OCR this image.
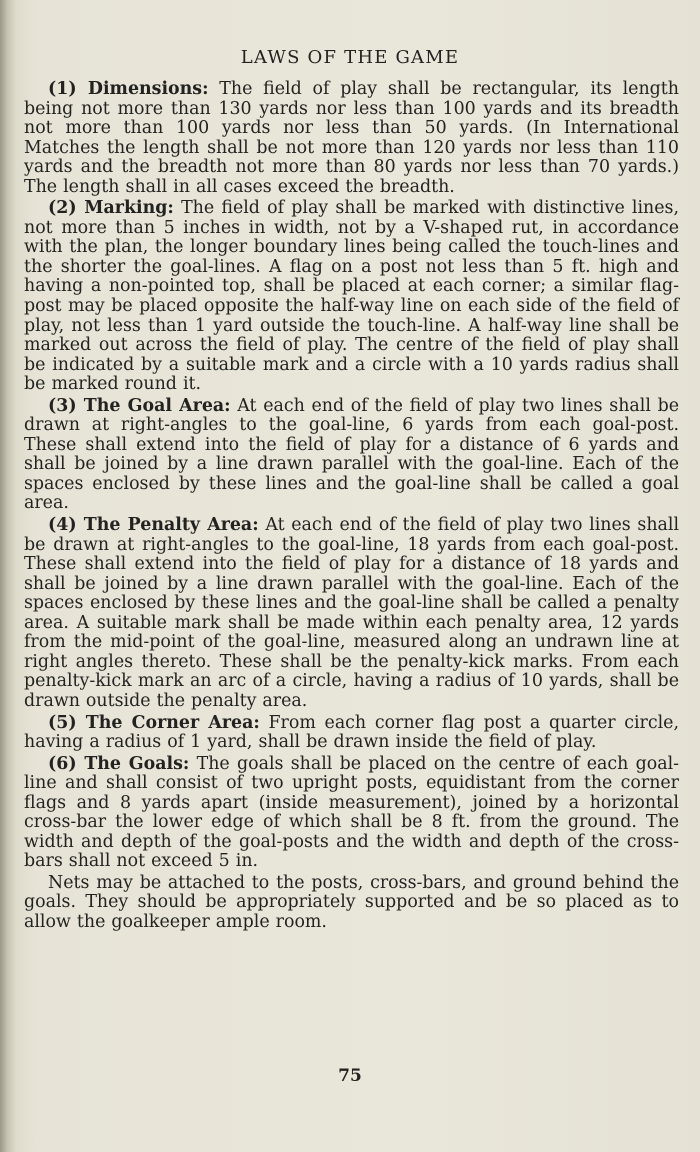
LAWS OF THE GAME

(1) Dimensions: The field of play shall be rectangular, its length being not more than 130 yards nor less than 100 yards and its breadth not more than 100 yards nor less than 50 yards. (In International Matches the length shall be not more than 120 yards nor less than 110 yards and the breadth not more than 80 yards nor less than 70 yards.) The length shall in all cases exceed the breadth.

(2) Marking: The field of play shall be marked with distinctive lines, not more than 5 inches in width, not by a V-shaped rut, in accordance with the plan, the longer boundary lines being called the touch-lines and the shorter the goal-lines. A flag on a post not less than 5 ft. high and having a non-pointed top, shall be placed at each corner; a similar flag-post may be placed opposite the half-way line on each side of the field of play, not less than 1 yard outside the touch-line. A half-way line shall be marked out across the field of play. The centre of the field of play shall be indicated by a suitable mark and a circle with a 10 yards radius shall be marked round it.

(3) The Goal Area: At each end of the field of play two lines shall be drawn at right-angles to the goal-line, 6 yards from each goal-post. These shall extend into the field of play for a distance of 6 yards and shall be joined by a line drawn parallel with the goal-line. Each of the spaces enclosed by these lines and the goal-line shall be called a goal area.

(4) The Penalty Area: At each end of the field of play two lines shall be drawn at right-angles to the goal-line, 18 yards from each goal-post. These shall extend into the field of play for a distance of 18 yards and shall be joined by a line drawn parallel with the goal-line. Each of the spaces enclosed by these lines and the goal-line shall be called a penalty area. A suitable mark shall be made within each penalty area, 12 yards from the mid-point of the goal-line, measured along an undrawn line at right angles thereto. These shall be the penalty-kick marks. From each penalty-kick mark an arc of a circle, having a radius of 10 yards, shall be drawn outside the penalty area.

(5) The Corner Area: From each corner flag post a quarter circle, having a radius of 1 yard, shall be drawn inside the field of play.

(6) The Goals: The goals shall be placed on the centre of each goal-line and shall consist of two upright posts, equidistant from the corner flags and 8 yards apart (inside measurement), joined by a horizontal cross-bar the lower edge of which shall be 8 ft. from the ground. The width and depth of the goal-posts and the width and depth of the cross-bars shall not exceed 5 in.

Nets may be attached to the posts, cross-bars, and ground behind the goals. They should be appropriately supported and be so placed as to allow the goalkeeper ample room.

75
